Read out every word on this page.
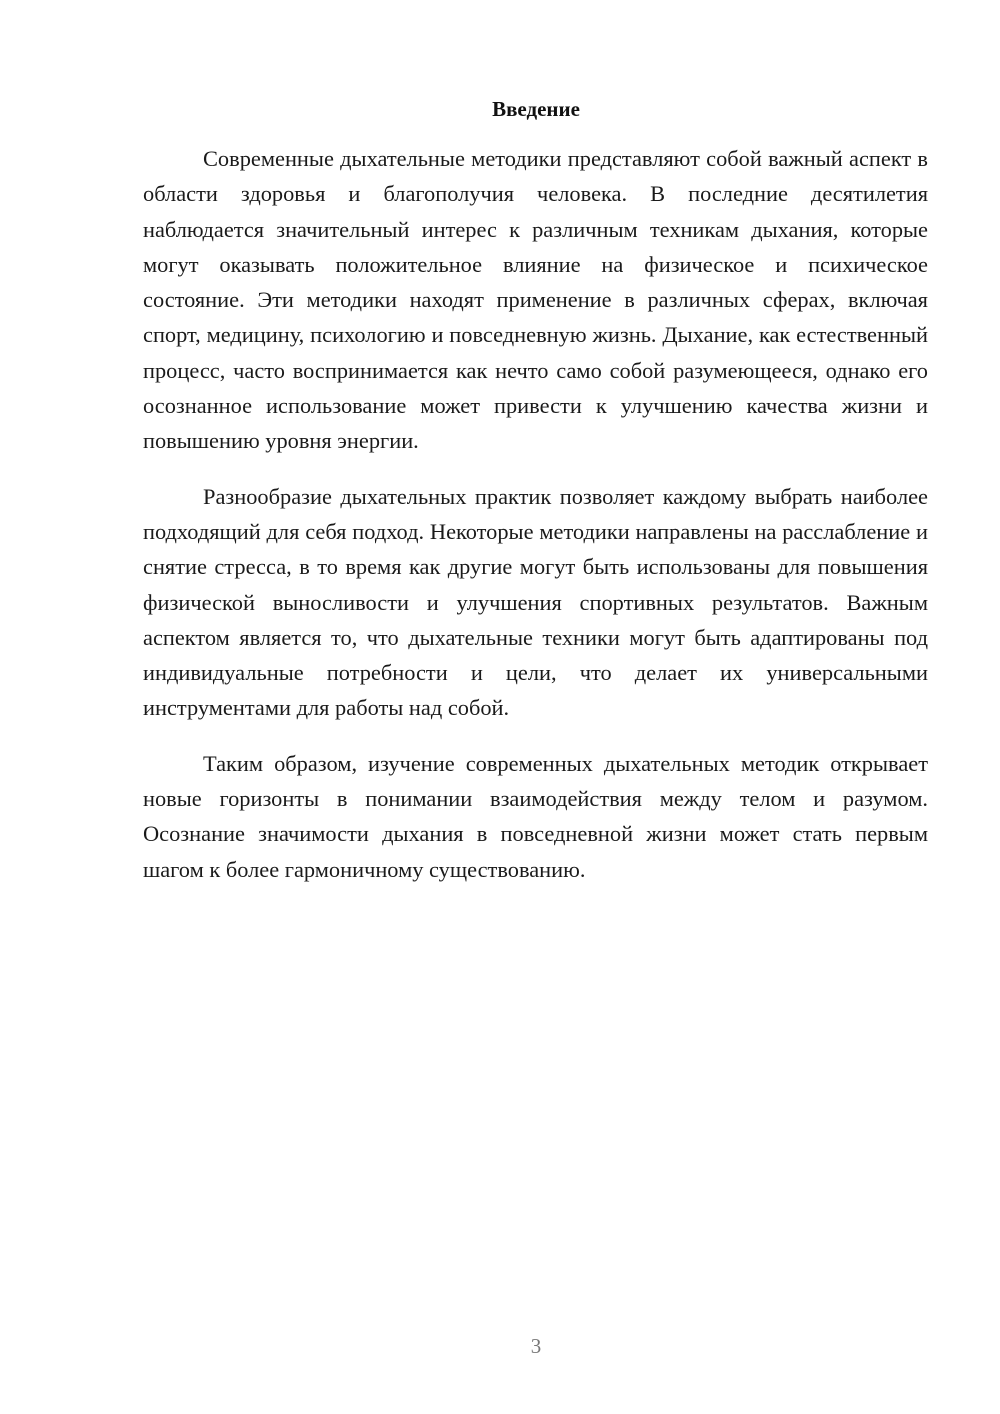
Введение

Современные дыхательные методики представляют собой важный аспект в области здоровья и благополучия человека. В последние десятилетия наблюдается значительный интерес к различным техникам дыхания, которые могут оказывать положительное влияние на физическое и психическое состояние. Эти методики находят применение в различных сферах, включая спорт, медицину, психологию и повседневную жизнь. Дыхание, как естественный процесс, часто воспринимается как нечто само собой разумеющееся, однако его осознанное использование может привести к улучшению качества жизни и повышению уровня энергии.

Разнообразие дыхательных практик позволяет каждому выбрать наиболее подходящий для себя подход. Некоторые методики направлены на расслабление и снятие стресса, в то время как другие могут быть использованы для повышения физической выносливости и улучшения спортивных результатов. Важным аспектом является то, что дыхательные техники могут быть адаптированы под индивидуальные потребности и цели, что делает их универсальными инструментами для работы над собой.

Таким образом, изучение современных дыхательных методик открывает новые горизонты в понимании взаимодействия между телом и разумом. Осознание значимости дыхания в повседневной жизни может стать первым шагом к более гармоничному существованию.

3
